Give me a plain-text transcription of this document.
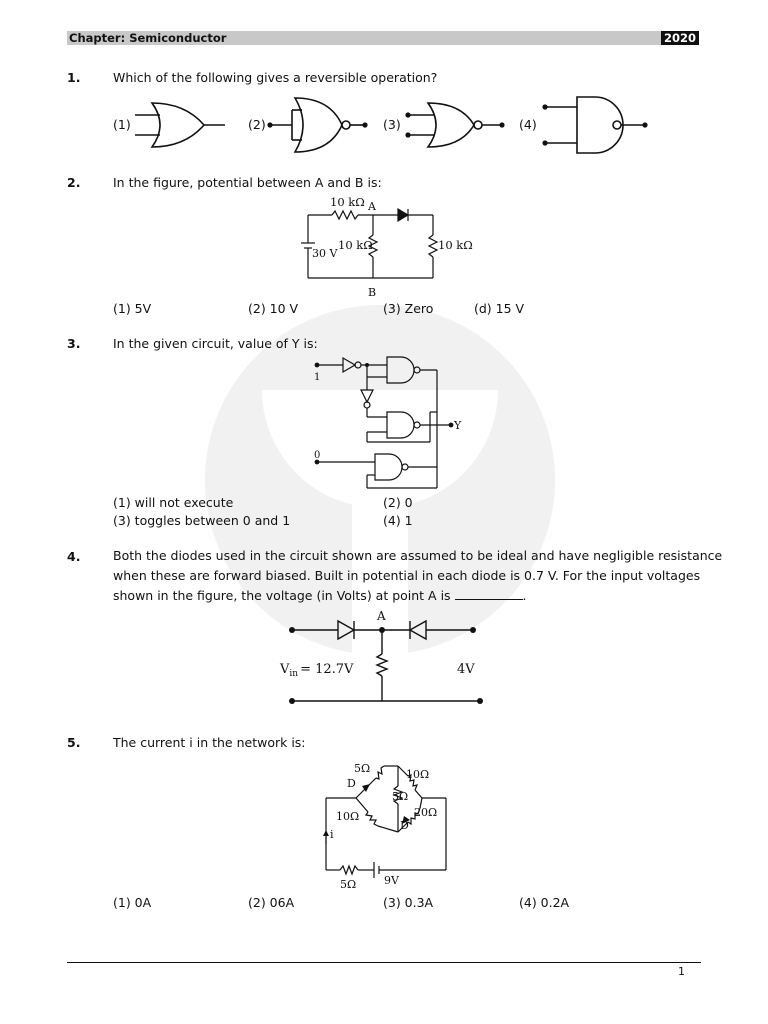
Chapter: Semiconductor	2020
1.	Which of the following gives a reversible operation?
(1)	(2)	(3)	(4)
2.	In the figure, potential between A and B is:
10 kΩ A
10 kΩ	10 kΩ
30 V
B
(1) 5V	(2) 10 V	(3) Zero	(d) 15 V
3.	In the given circuit, value of Y is:
1
0
Y
(1) will not execute	(2) 0
(3) toggles between 0 and 1	(4) 1
4.	Both the diodes used in the circuit shown are assumed to be ideal and have negligible resistance
when these are forward biased. Built in potential in each diode is 0.7 V. For the input voltages
shown in the figure, the voltage (in Volts) at point A is	.
A
$V_{in} = 12.7V$	4V
5.	The current i in the network is:
5Ω	10Ω
5Ω
10Ω	20Ω
5Ω	9V
D
D
i
(1) 0A	(2) 06A	(3) 0.3A	(4) 0.2A
1
